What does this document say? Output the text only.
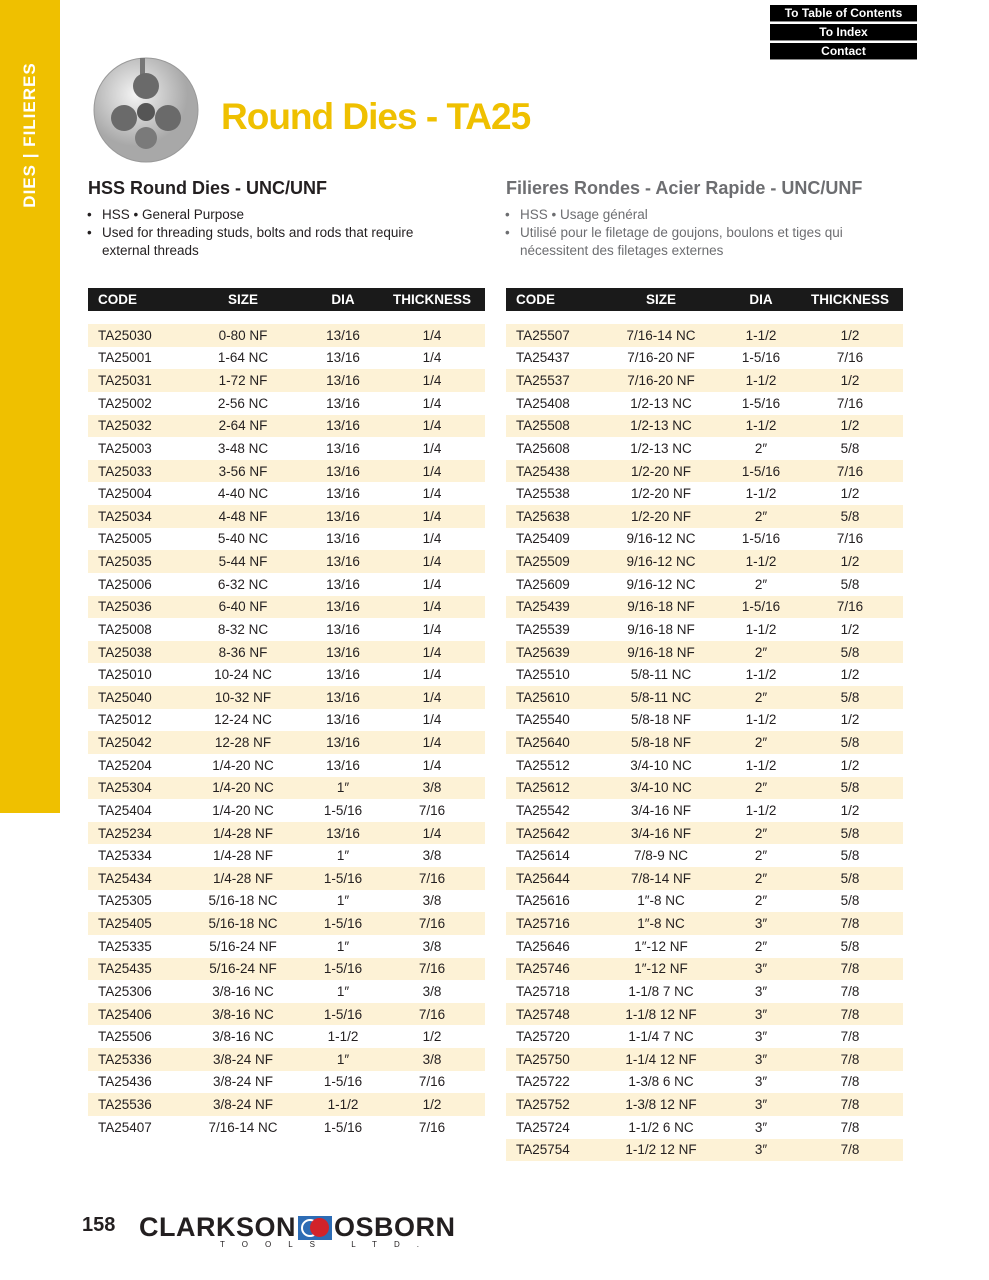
DIES | FILIERES
To Table of Contents
To Index
Contact
Round Dies - TA25
HSS Round Dies - UNC/UNF
• HSS • General Purpose
• Used for threading studs, bolts and rods that require external threads
Filieres Rondes - Acier Rapide - UNC/UNF
• HSS • Usage général
• Utilisé pour le filetage de goujons, boulons et tiges qui nécessitent des filetages externes
CODE	SIZE	DIA	THICKNESS
TA25030	0-80 NF	13/16	1/4
TA25001	1-64 NC	13/16	1/4
TA25031	1-72 NF	13/16	1/4
TA25002	2-56 NC	13/16	1/4
TA25032	2-64 NF	13/16	1/4
TA25003	3-48 NC	13/16	1/4
TA25033	3-56 NF	13/16	1/4
TA25004	4-40 NC	13/16	1/4
TA25034	4-48 NF	13/16	1/4
TA25005	5-40 NC	13/16	1/4
TA25035	5-44 NF	13/16	1/4
TA25006	6-32 NC	13/16	1/4
TA25036	6-40 NF	13/16	1/4
TA25008	8-32 NC	13/16	1/4
TA25038	8-36 NF	13/16	1/4
TA25010	10-24 NC	13/16	1/4
TA25040	10-32 NF	13/16	1/4
TA25012	12-24 NC	13/16	1/4
TA25042	12-28 NF	13/16	1/4
TA25204	1/4-20 NC	13/16	1/4
TA25304	1/4-20 NC	1″	3/8
TA25404	1/4-20 NC	1-5/16	7/16
TA25234	1/4-28 NF	13/16	1/4
TA25334	1/4-28 NF	1″	3/8
TA25434	1/4-28 NF	1-5/16	7/16
TA25305	5/16-18 NC	1″	3/8
TA25405	5/16-18 NC	1-5/16	7/16
TA25335	5/16-24 NF	1″	3/8
TA25435	5/16-24 NF	1-5/16	7/16
TA25306	3/8-16 NC	1″	3/8
TA25406	3/8-16 NC	1-5/16	7/16
TA25506	3/8-16 NC	1-1/2	1/2
TA25336	3/8-24 NF	1″	3/8
TA25436	3/8-24 NF	1-5/16	7/16
TA25536	3/8-24 NF	1-1/2	1/2
TA25407	7/16-14 NC	1-5/16	7/16
CODE	SIZE	DIA	THICKNESS
TA25507	7/16-14 NC	1-1/2	1/2
TA25437	7/16-20 NF	1-5/16	7/16
TA25537	7/16-20 NF	1-1/2	1/2
TA25408	1/2-13 NC	1-5/16	7/16
TA25508	1/2-13 NC	1-1/2	1/2
TA25608	1/2-13 NC	2″	5/8
TA25438	1/2-20 NF	1-5/16	7/16
TA25538	1/2-20 NF	1-1/2	1/2
TA25638	1/2-20 NF	2″	5/8
TA25409	9/16-12 NC	1-5/16	7/16
TA25509	9/16-12 NC	1-1/2	1/2
TA25609	9/16-12 NC	2″	5/8
TA25439	9/16-18 NF	1-5/16	7/16
TA25539	9/16-18 NF	1-1/2	1/2
TA25639	9/16-18 NF	2″	5/8
TA25510	5/8-11 NC	1-1/2	1/2
TA25610	5/8-11 NC	2″	5/8
TA25540	5/8-18 NF	1-1/2	1/2
TA25640	5/8-18 NF	2″	5/8
TA25512	3/4-10 NC	1-1/2	1/2
TA25612	3/4-10 NC	2″	5/8
TA25542	3/4-16 NF	1-1/2	1/2
TA25642	3/4-16 NF	2″	5/8
TA25614	7/8-9 NC	2″	5/8
TA25644	7/8-14 NF	2″	5/8
TA25616	1″-8 NC	2″	5/8
TA25716	1″-8 NC	3″	7/8
TA25646	1″-12 NF	2″	5/8
TA25746	1″-12 NF	3″	7/8
TA25718	1-1/8 7 NC	3″	7/8
TA25748	1-1/8 12 NF	3″	7/8
TA25720	1-1/4 7 NC	3″	7/8
TA25750	1-1/4 12 NF	3″	7/8
TA25722	1-3/8 6 NC	3″	7/8
TA25752	1-3/8 12 NF	3″	7/8
TA25724	1-1/2 6 NC	3″	7/8
TA25754	1-1/2 12 NF	3″	7/8
158 CLARKSON OSBORN
TOOLS LTD.
